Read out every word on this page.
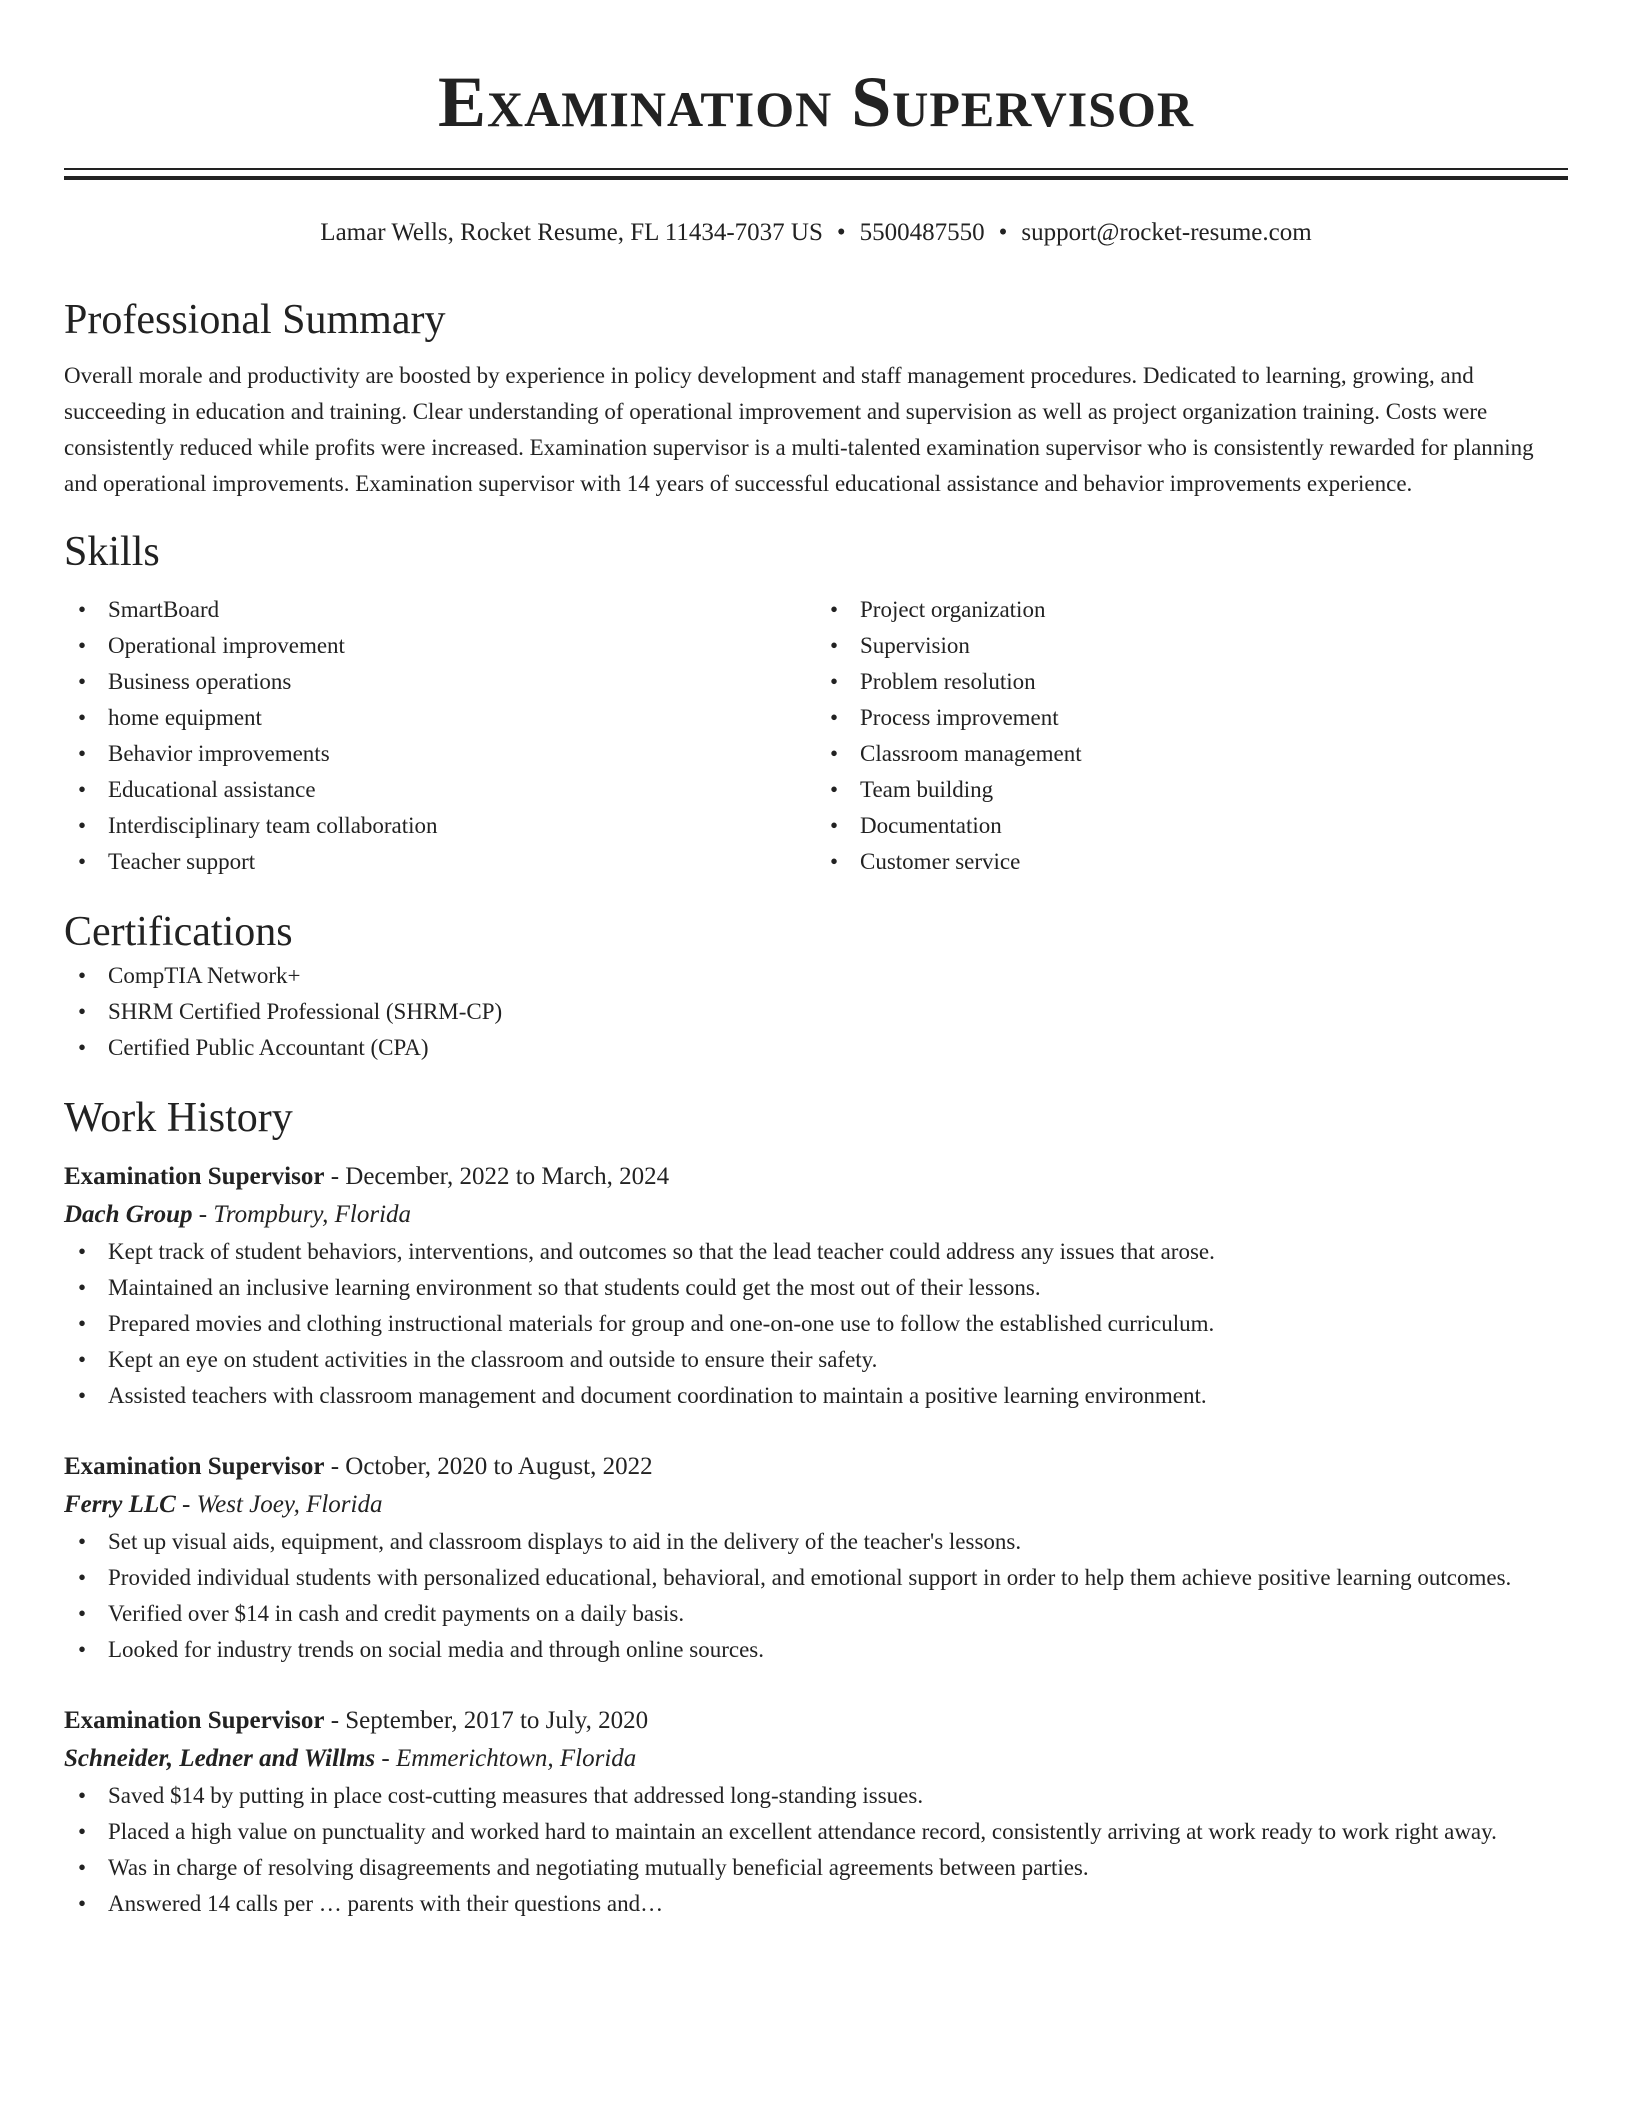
Examination Supervisor
Lamar Wells, Rocket Resume, FL 11434-7037 US • 5500487550 • support@rocket-resume.com
Professional Summary

Overall morale and productivity are boosted by experience in policy development and staff management procedures. Dedicated to learning, growing, and succeeding in education and training. Clear understanding of operational improvement and supervision as well as project organization training. Costs were consistently reduced while profits were increased. Examination supervisor is a multi-talented examination supervisor who is consistently rewarded for planning and operational improvements. Examination supervisor with 14 years of successful educational assistance and behavior improvements experience.

Skills
• SmartBoard
• Operational improvement
• Business operations
• home equipment
• Behavior improvements
• Educational assistance
• Interdisciplinary team collaboration
• Teacher support
• Project organization
• Supervision
• Problem resolution
• Process improvement
• Classroom management
• Team building
• Documentation
• Customer service
Certifications
• CompTIA Network+
• SHRM Certified Professional (SHRM-CP)
• Certified Public Accountant (CPA)
Work History
Examination Supervisor - December, 2022 to March, 2024
Dach Group - Trompbury, Florida
• Kept track of student behaviors, interventions, and outcomes so that the lead teacher could address any issues that arose.
• Maintained an inclusive learning environment so that students could get the most out of their lessons.
• Prepared movies and clothing instructional materials for group and one-on-one use to follow the established curriculum.
• Kept an eye on student activities in the classroom and outside to ensure their safety.
• Assisted teachers with classroom management and document coordination to maintain a positive learning environment.
Examination Supervisor - October, 2020 to August, 2022
Ferry LLC - West Joey, Florida
• Set up visual aids, equipment, and classroom displays to aid in the delivery of the teacher's lessons.
• Provided individual students with personalized educational, behavioral, and emotional support in order to help them achieve positive learning outcomes.
• Verified over $14 in cash and credit payments on a daily basis.
• Looked for industry trends on social media and through online sources.
Examination Supervisor - September, 2017 to July, 2020
Schneider, Ledner and Willms - Emmerichtown, Florida
• Saved $14 by putting in place cost-cutting measures that addressed long-standing issues.
• Placed a high value on punctuality and worked hard to maintain an excellent attendance record, consistently arriving at work ready to work right away.
• Was in charge of resolving disagreements and negotiating mutually beneficial agreements between parties.
• Answered 14 calls per … parents with their questions and…
